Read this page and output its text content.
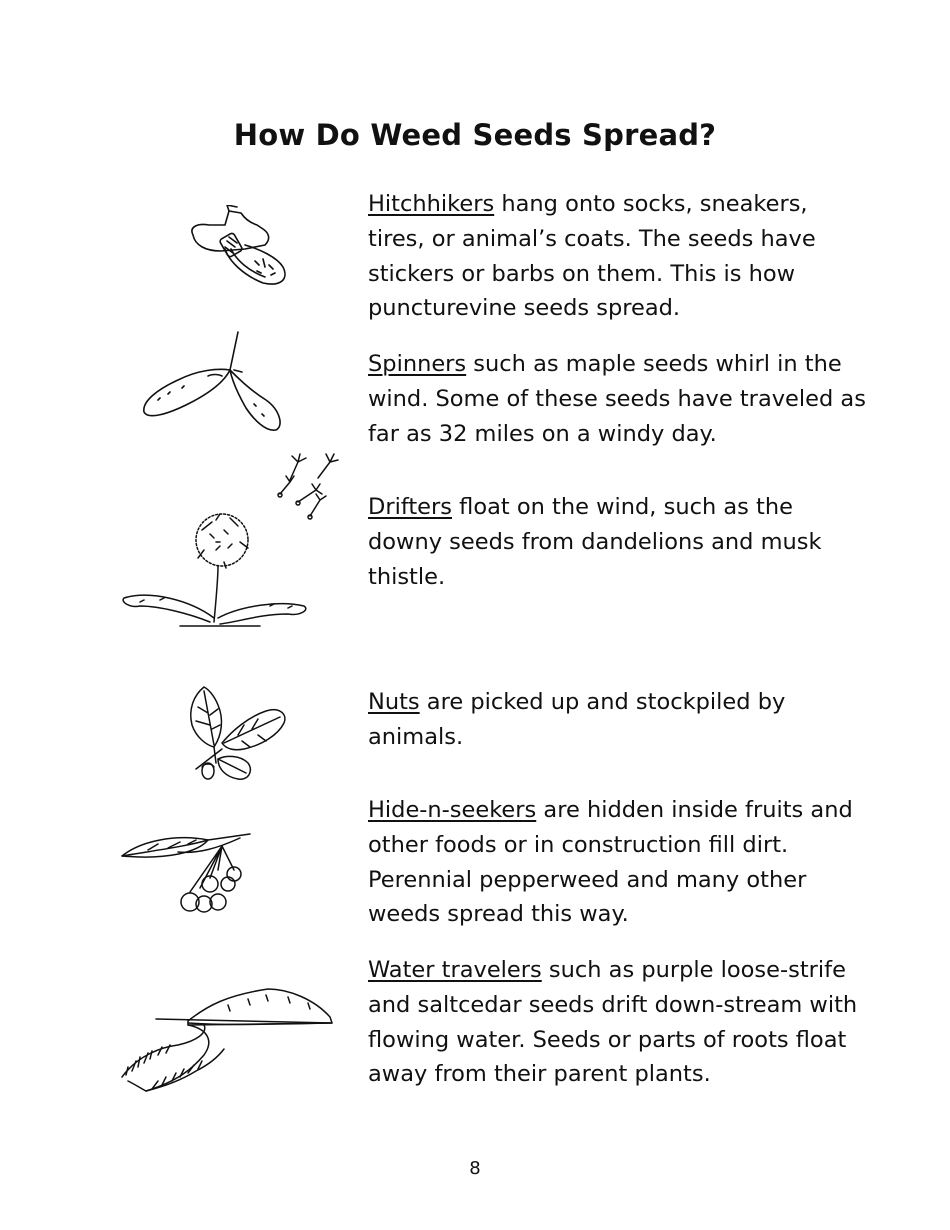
How Do Weed Seeds Spread?
Hitchhikers hang onto socks, sneakers, tires, or animal’s coats. The seeds have stickers or barbs on them. This is how puncturevine seeds spread.
Spinners such as maple seeds whirl in the wind. Some of these seeds have traveled as far as 32 miles on a windy day.
Drifters float on the wind, such as the downy seeds from dandelions and musk thistle.
Nuts are picked up and stockpiled by animals.
Hide-n-seekers are hidden inside fruits and other foods or in construction fill dirt. Perennial pepperweed and many other weeds spread this way.
Water travelers such as purple loose-strife and saltcedar seeds drift down-stream with flowing water. Seeds or parts of roots float away from their parent plants.
8
